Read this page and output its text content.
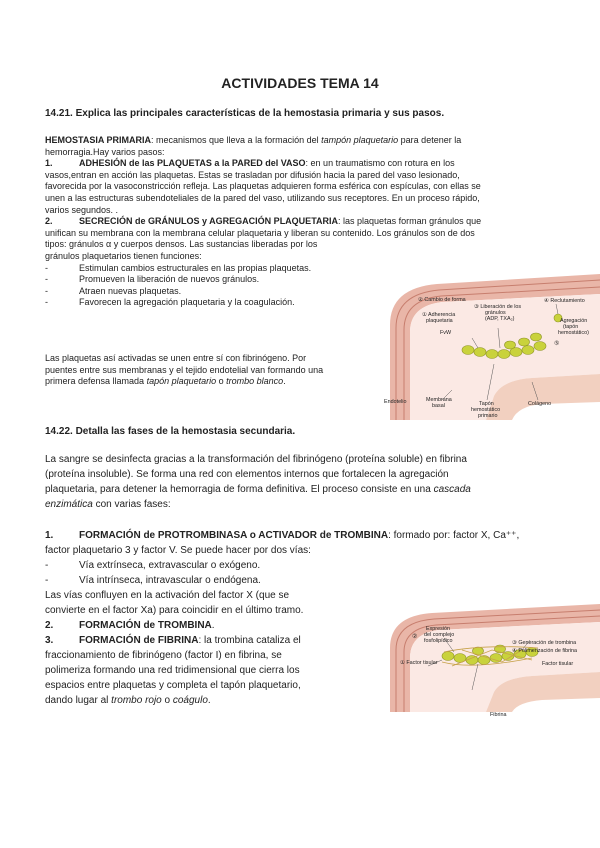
ACTIVIDADES TEMA 14
14.21. Explica las principales características de la hemostasia primaria y sus pasos.
HEMOSTASIA PRIMARIA: mecanismos que lleva a la formación del tampón plaquetario para detener la
hemorragia.Hay varios pasos:
1.	ADHESIÓN de las PLAQUETAS a la PARED del VASO: en un traumatismo con rotura en los
vasos,entran en acción las plaquetas. Estas se trasladan por difusión hacia la pared del vaso lesionado,
favorecida por la vasoconstricción refleja. Las plaquetas adquieren forma esférica con espículas, con ellas se
unen a las estructuras subendoteliales de la pared del vaso, utilizando sus receptores. En un proceso rápido,
varios segundos. .
2.	SECRECIÓN de GRÁNULOS y AGREGACIÓN PLAQUETARIA: las plaquetas forman gránulos que
unifican su membrana con la membrana celular plaquetaria y liberan su contenido. Los gránulos son de dos
tipos: gránulos α y cuerpos densos. Las sustancias liberadas por los
gránulos plaquetarios tienen funciones:
-	Estimulan cambios estructurales en las propias plaquetas.
-	Promueven la liberación de nuevos gránulos.
-	Atraen nuevas plaquetas.
-	Favorecen la agregación plaquetaria y la coagulación.
Las plaquetas así activadas se unen entre sí con fibrinógeno. Por
puentes entre sus membranas y el tejido endotelial van formando una
primera defensa llamada tapón plaquetario o trombo blanco.
② Cambio de forma
③ Liberación de los
gránulos
(ADP, TXA₂)
④ Reclutamiento
① Adherencia
plaquetaria
FvW
Agregación
(tapón
hemostático)
⑤
Endotelio	Membrana
basal	Tapón
hemostático
primario
Colágeno
14.22. Detalla las fases de la hemostasia secundaria.
La sangre se desinfecta gracias a la transformación del fibrinógeno (proteína soluble) en fibrina
(proteína insoluble). Se forma una red con elementos internos que fortalecen la agregación
plaquetaria, para detener la hemorragia de forma definitiva. El proceso consiste en una cascada
enzimática con varias fases:
1.	FORMACIÓN de PROTROMBINASA o ACTIVADOR de TROMBINA: formado por: factor X, Ca⁺⁺,
factor plaquetario 3 y factor V. Se puede hacer por dos vías:
-	Vía extrínseca, extravascular o exógeno.
-	Vía intrínseca, intravascular o endógena.
Las vías confluyen en la activación del factor X (que se
convierte en el factor Xa) para coincidir en el último tramo.
2.	FORMACIÓN de TROMBINA.
3.	FORMACIÓN de FIBRINA: la trombina cataliza el
fraccionamiento de fibrinógeno (factor I) en fibrina, se
polimeriza formando una red tridimensional que cierra los
espacios entre plaquetas y completa el tapón plaquetario,
dando lugar al trombo rojo o coágulo.
Expresión
del complejo
fosfolipídico
②
③ Generación de trombina
④ Polimerización de fibrina
① Factor tisular	Factor tisular
Fibrina
